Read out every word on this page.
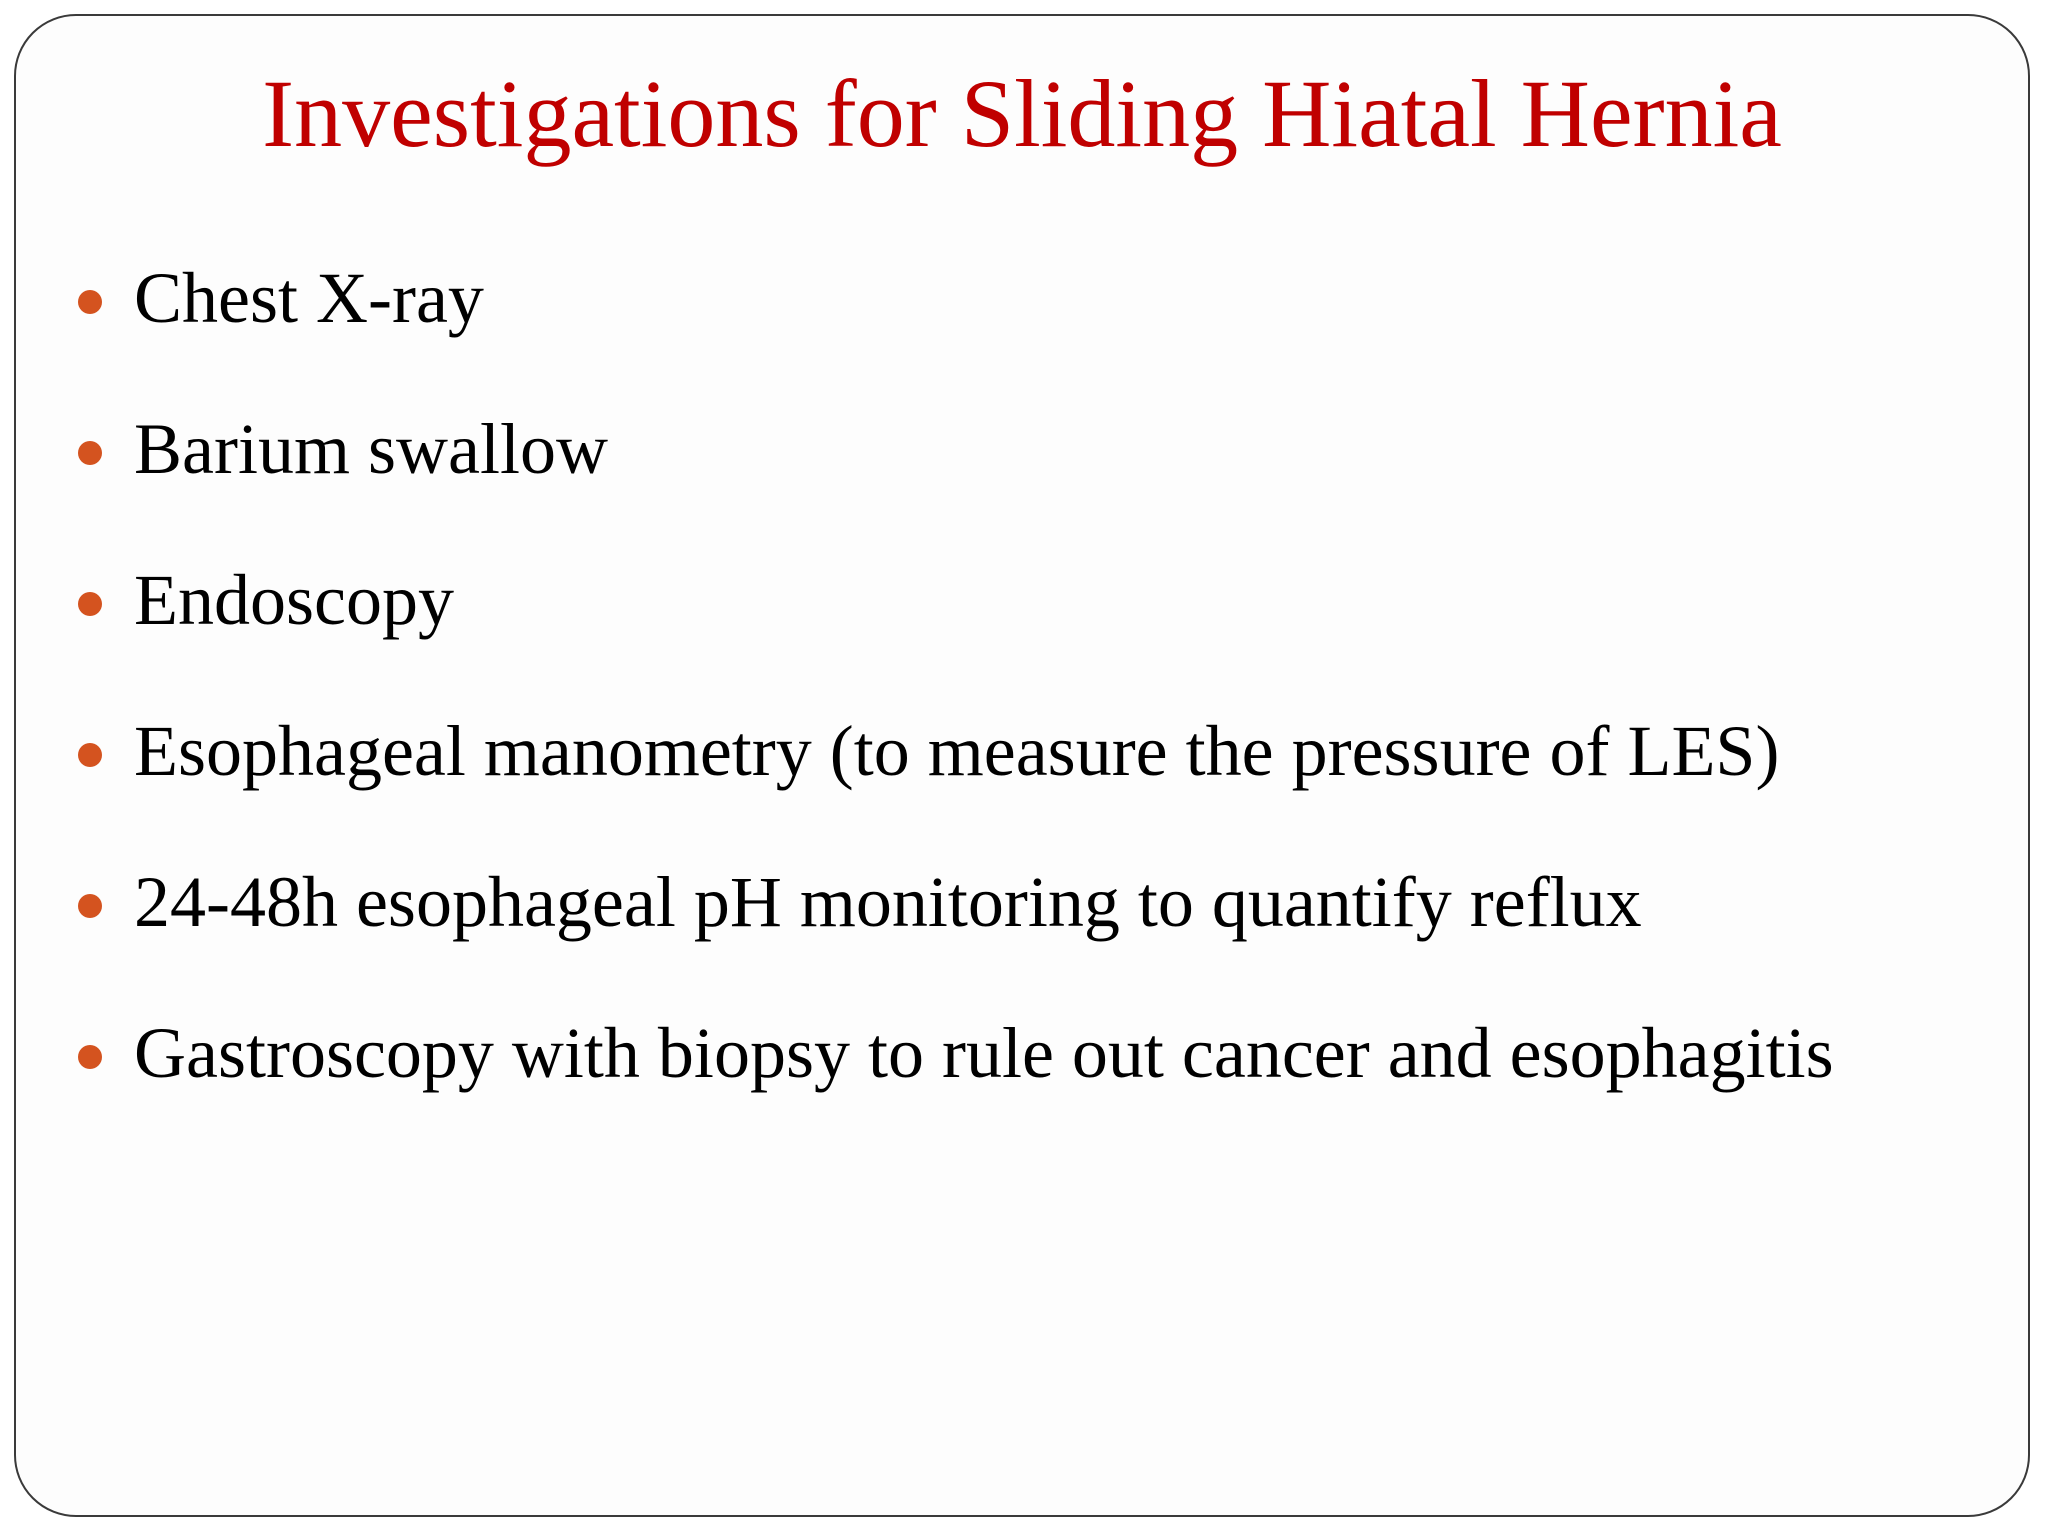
Investigations for Sliding Hiatal Hernia
Chest X-ray
Barium swallow
Endoscopy
Esophageal manometry (to measure the pressure of LES)
24-48h esophageal pH monitoring to quantify reflux
Gastroscopy with biopsy to rule out cancer and esophagitis
